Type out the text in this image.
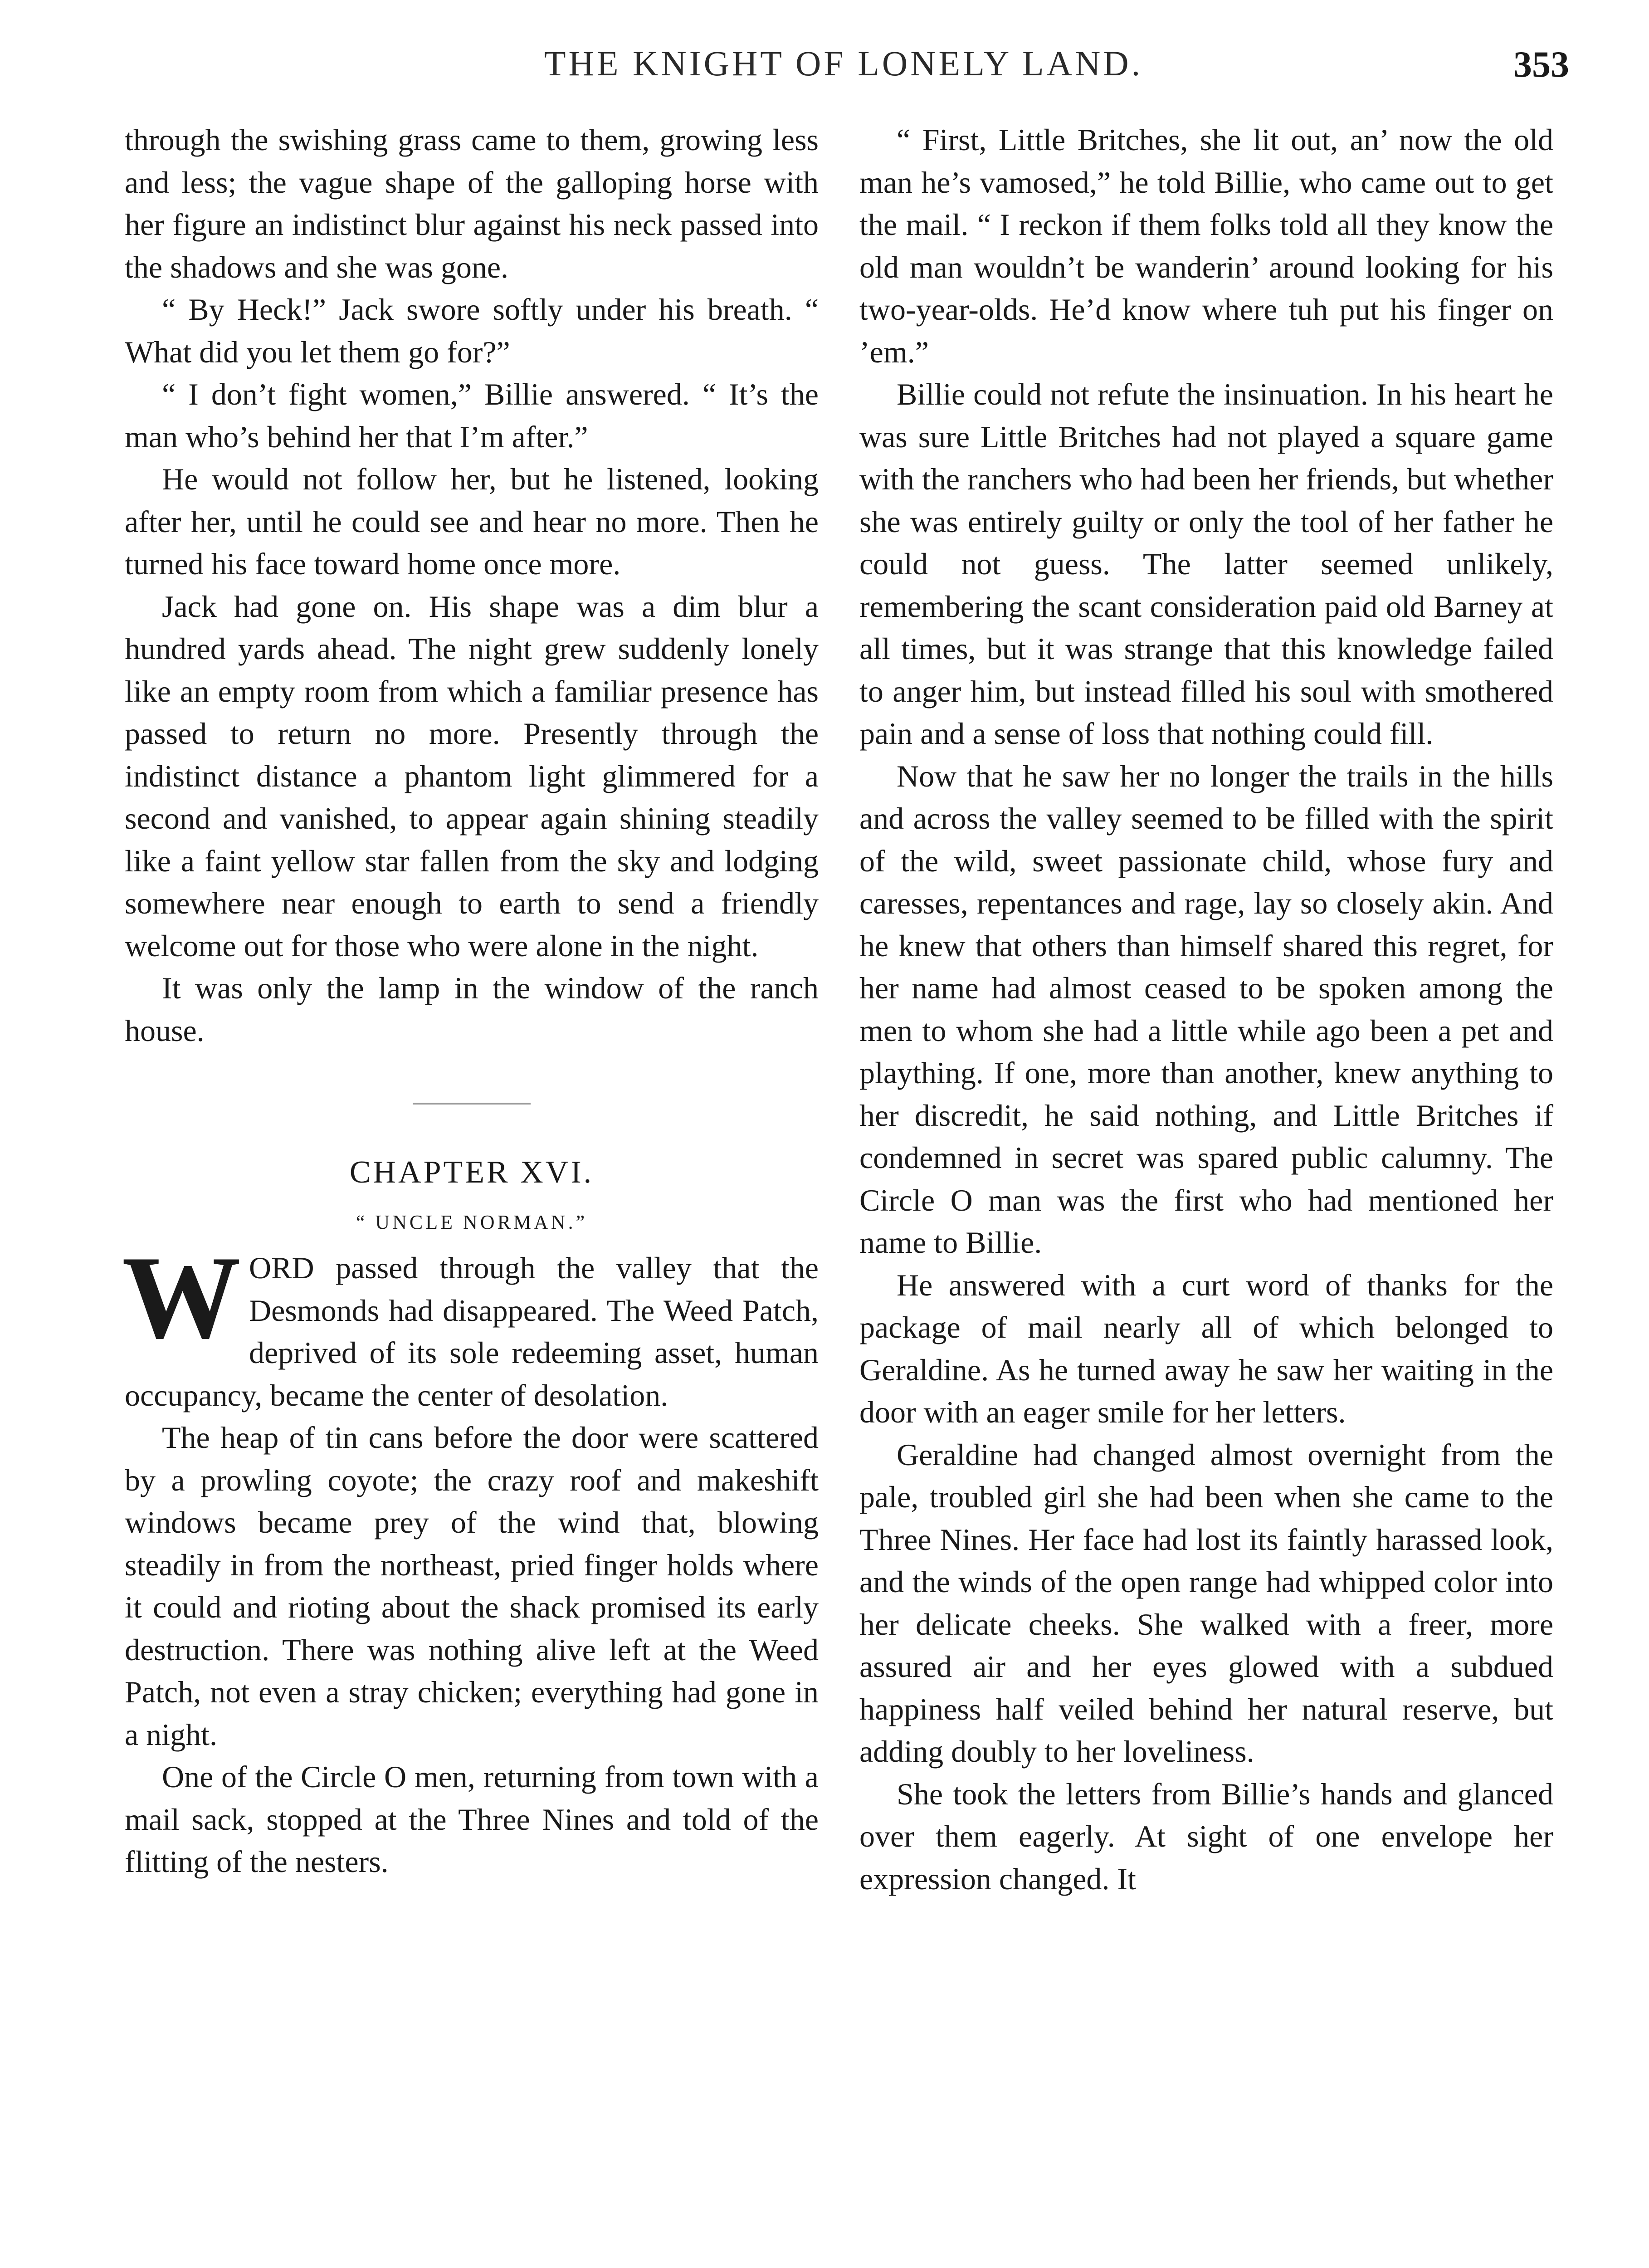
THE KNIGHT OF LONELY LAND.	353

through the swishing grass came to them, growing less and less; the vague shape of the galloping horse with her figure an indistinct blur against his neck passed into the shadows and she was gone.

“ By Heck!” Jack swore softly under his breath. “ What did you let them go for?”

“ I don’t fight women,” Billie answered. “ It’s the man who’s behind her that I’m after.”

He would not follow her, but he listened, looking after her, until he could see and hear no more. Then he turned his face toward home once more.

Jack had gone on. His shape was a dim blur a hundred yards ahead. The night grew suddenly lonely like an empty room from which a familiar presence has passed to return no more. Presently through the indistinct distance a phantom light glimmered for a second and vanished, to appear again shining steadily like a faint yellow star fallen from the sky and lodging somewhere near enough to earth to send a friendly welcome out for those who were alone in the night.

It was only the lamp in the window of the ranch house.

CHAPTER XVI.
“ UNCLE NORMAN.”

WORD passed through the valley that the Desmonds had disappeared. The Weed Patch, deprived of its sole redeeming asset, human occupancy, became the center of desolation.

The heap of tin cans before the door were scattered by a prowling coyote; the crazy roof and makeshift windows became prey of the wind that, blowing steadily in from the northeast, pried finger holds where it could and rioting about the shack promised its early destruction. There was nothing alive left at the Weed Patch, not even a stray chicken; everything had gone in a night.

One of the Circle O men, returning from town with a mail sack, stopped at the Three Nines and told of the flitting of the nesters.

“ First, Little Britches, she lit out, an’ now the old man he’s vamosed,” he told Billie, who came out to get the mail. “ I reckon if them folks told all they know the old man wouldn’t be wanderin’ around looking for his two-year-olds. He’d know where tuh put his finger on ’em.”

Billie could not refute the insinuation. In his heart he was sure Little Britches had not played a square game with the ranchers who had been her friends, but whether she was entirely guilty or only the tool of her father he could not guess. The latter seemed unlikely, remembering the scant consideration paid old Barney at all times, but it was strange that this knowledge failed to anger him, but instead filled his soul with smothered pain and a sense of loss that nothing could fill.

Now that he saw her no longer the trails in the hills and across the valley seemed to be filled with the spirit of the wild, sweet passionate child, whose fury and caresses, repentances and rage, lay so closely akin. And he knew that others than himself shared this regret, for her name had almost ceased to be spoken among the men to whom she had a little while ago been a pet and plaything. If one, more than another, knew anything to her discredit, he said nothing, and Little Britches if condemned in secret was spared public calumny. The Circle O man was the first who had mentioned her name to Billie.

He answered with a curt word of thanks for the package of mail nearly all of which belonged to Geraldine. As he turned away he saw her waiting in the door with an eager smile for her letters.

Geraldine had changed almost overnight from the pale, troubled girl she had been when she came to the Three Nines. Her face had lost its faintly harassed look, and the winds of the open range had whipped color into her delicate cheeks. She walked with a freer, more assured air and her eyes glowed with a subdued happiness half veiled behind her natural reserve, but adding doubly to her loveliness.

She took the letters from Billie’s hands and glanced over them eagerly. At sight of one envelope her expression changed. It
